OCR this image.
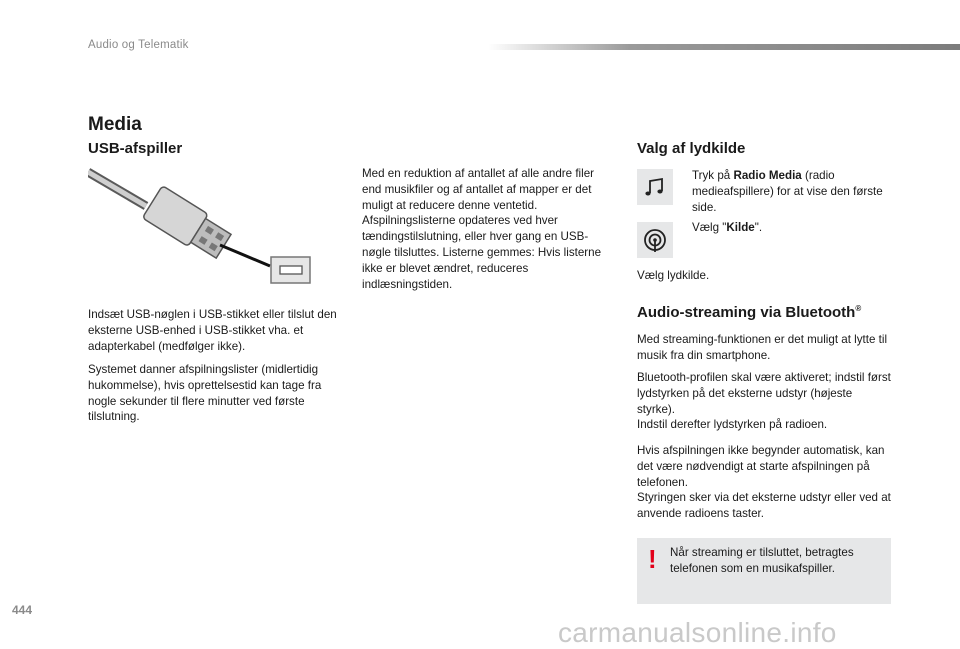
Audio og Telematik
Media
USB-afspiller
Indsæt USB-nøglen i USB-stikket eller tilslut den eksterne USB-enhed i USB-stikket vha. et adapterkabel (medfølger ikke).
Systemet danner afspilningslister (midlertidig hukommelse), hvis oprettelsestid kan tage fra nogle sekunder til flere minutter ved første tilslutning.
Med en reduktion af antallet af alle andre filer end musikfiler og af antallet af mapper er det muligt at reducere denne ventetid. Afspilningslisterne opdateres ved hver tændingstilslutning, eller hver gang en USB-nøgle tilsluttes. Listerne gemmes: Hvis listerne ikke er blevet ændret, reduceres indlæsningstiden.
Valg af lydkilde
Tryk på Radio Media (radio medieafspillere) for at vise den første side.
Vælg "Kilde".
Vælg lydkilde.
Audio-streaming via Bluetooth®
Med streaming-funktionen er det muligt at lytte til musik fra din smartphone.
Bluetooth-profilen skal være aktiveret; indstil først lydstyrken på det eksterne udstyr (højeste styrke).
Indstil derefter lydstyrken på radioen.
Hvis afspilningen ikke begynder automatisk, kan det være nødvendigt at starte afspilningen på telefonen.
Styringen sker via det eksterne udstyr eller ved at anvende radioens taster.
! Når streaming er tilsluttet, betragtes telefonen som en musikafspiller.
444
carmanualsonline.info
